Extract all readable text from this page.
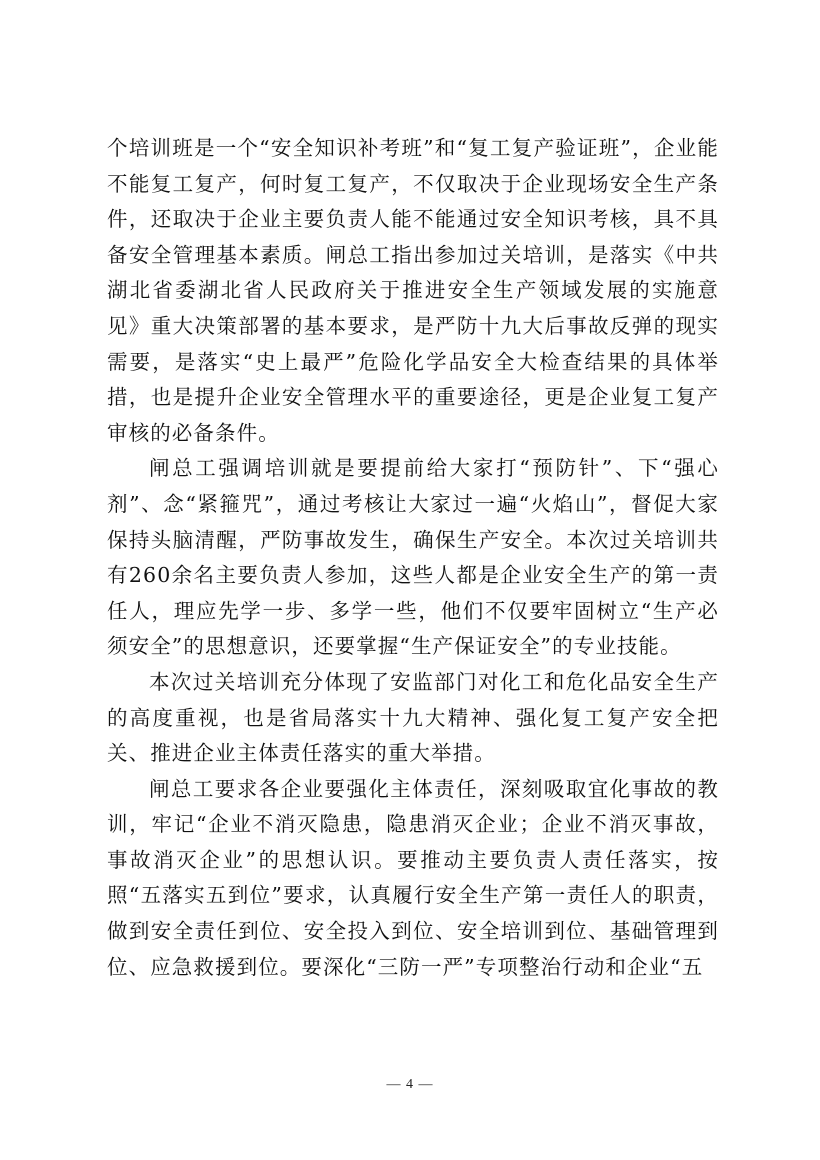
个培训班是一个“安全知识补考班”和“复工复产验证班”，企业能不能复工复产，何时复工复产，不仅取决于企业现场安全生产条件，还取决于企业主要负责人能不能通过安全知识考核，具不具备安全管理基本素质。闸总工指出参加过关培训，是落实《中共湖北省委湖北省人民政府关于推进安全生产领域发展的实施意见》重大决策部署的基本要求，是严防十九大后事故反弹的现实需要，是落实“史上最严”危险化学品安全大检查结果的具体举措，也是提升企业安全管理水平的重要途径，更是企业复工复产审核的必备条件。

闸总工强调培训就是要提前给大家打“预防针”、下“强心剂”、念“紧箍咒”，通过考核让大家过一遍“火焰山”，督促大家保持头脑清醒，严防事故发生，确保生产安全。本次过关培训共有260余名主要负责人参加，这些人都是企业安全生产的第一责任人，理应先学一步、多学一些，他们不仅要牢固树立“生产必须安全”的思想意识，还要掌握“生产保证安全”的专业技能。

本次过关培训充分体现了安监部门对化工和危化品安全生产的高度重视，也是省局落实十九大精神、强化复工复产安全把关、推进企业主体责任落实的重大举措。

闸总工要求各企业要强化主体责任，深刻吸取宜化事故的教训，牢记“企业不消灭隐患，隐患消灭企业；企业不消灭事故，事故消灭企业”的思想认识。要推动主要负责人责任落实，按照“五落实五到位”要求，认真履行安全生产第一责任人的职责，做到安全责任到位、安全投入到位、安全培训到位、基础管理到位、应急救援到位。要深化“三防一严”专项整治行动和企业“五

— 4 —
